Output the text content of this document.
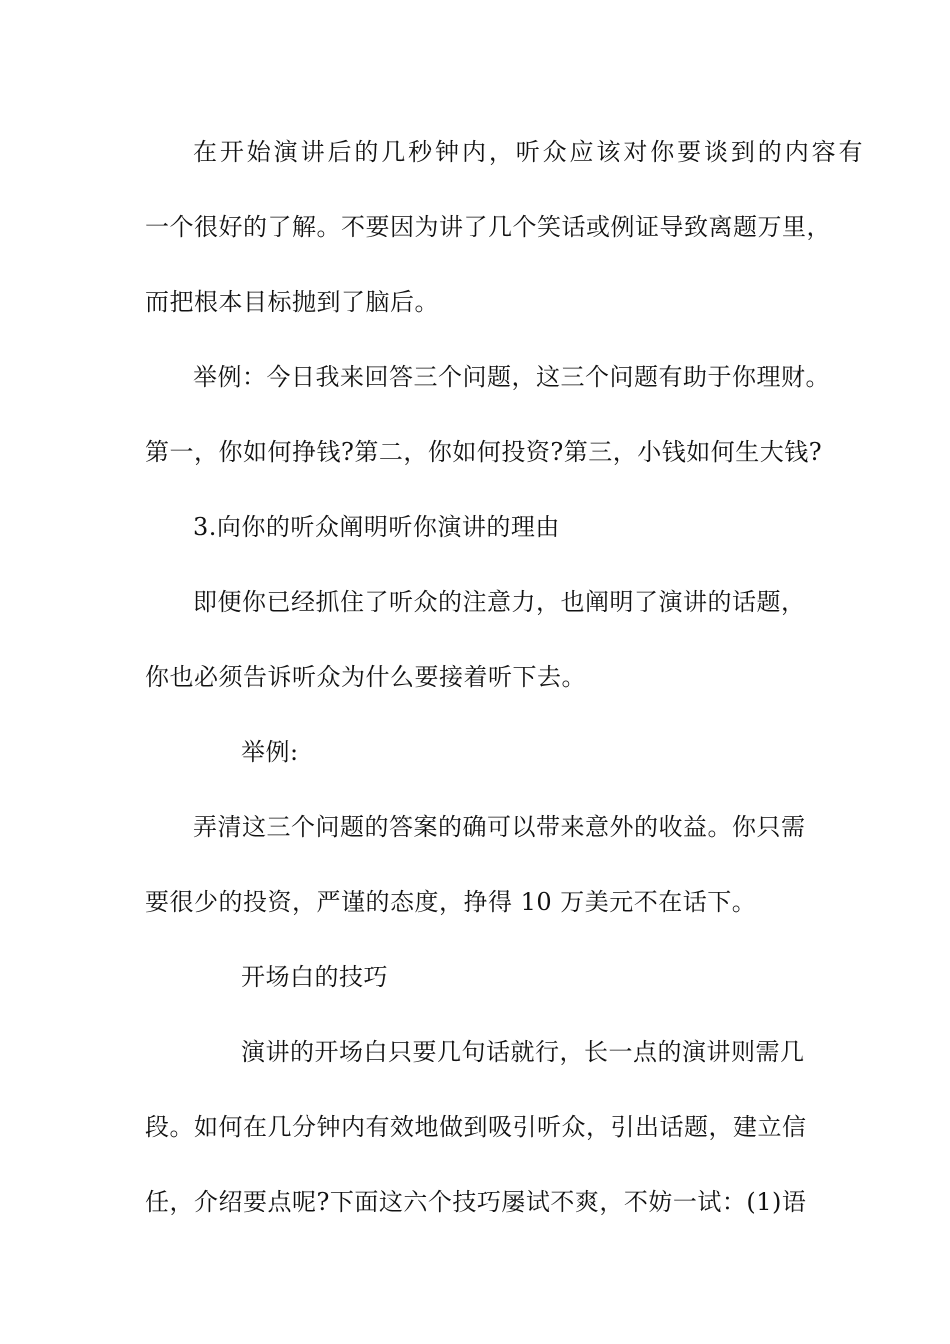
在开始演讲后的几秒钟内，听众应该对你要谈到的内容有
一个很好的了解。不要因为讲了几个笑话或例证导致离题万里，
而把根本目标抛到了脑后。
举例：今日我来回答三个问题，这三个问题有助于你理财。
第一，你如何挣钱?第二，你如何投资?第三，小钱如何生大钱?
3.向你的听众阐明听你演讲的理由
即便你已经抓住了听众的注意力，也阐明了演讲的话题，
你也必须告诉听众为什么要接着听下去。
举例:
弄清这三个问题的答案的确可以带来意外的收益。你只需
要很少的投资，严谨的态度，挣得 10 万美元不在话下。
开场白的技巧
演讲的开场白只要几句话就行，长一点的演讲则需几
段。如何在几分钟内有效地做到吸引听众，引出话题，建立信
任，介绍要点呢?下面这六个技巧屡试不爽，不妨一试：(1)语
